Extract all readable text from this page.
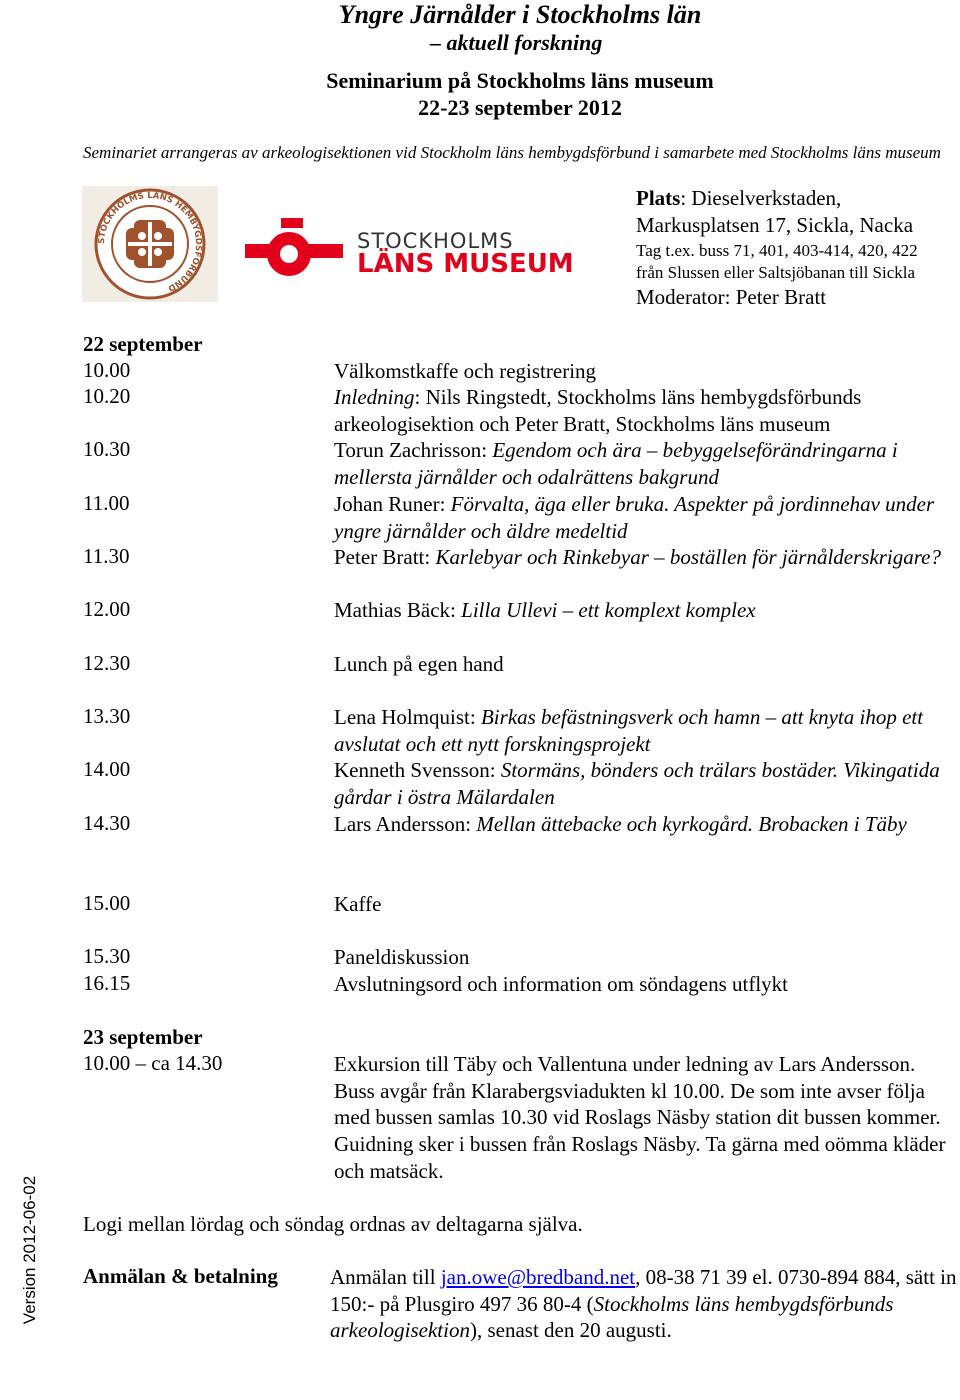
Yngre Järnålder i Stockholms län
– aktuell forskning
Seminarium på Stockholms läns museum
22-23 september 2012
Seminariet arrangeras av arkeologisektionen vid Stockholm läns hembygdsförbund i samarbete med Stockholms läns museum
STOCKHOLMS LÄNS HEMBYGDSFÖRBUND
STOCKHOLMS
LÄNS MUSEUM
Plats: Dieselverkstaden,
Markusplatsen 17, Sickla, Nacka
Tag t.ex. buss 71, 401, 403-414, 420, 422
från Slussen eller Saltsjöbanan till Sickla
Moderator: Peter Bratt
22 september
10.00	Välkomstkaffe och registrering
10.20	Inledning: Nils Ringstedt, Stockholms läns hembygdsförbunds arkeologisektion och Peter Bratt, Stockholms läns museum
10.30	Torun Zachrisson: Egendom och ära – bebyggelseförändringarna i mellersta järnålder och odalrättens bakgrund
11.00	Johan Runer: Förvalta, äga eller bruka. Aspekter på jordinnehav under yngre järnålder och äldre medeltid
11.30	Peter Bratt: Karlebyar och Rinkebyar – boställen för järnålderskrigare?
12.00	Mathias Bäck: Lilla Ullevi – ett komplext komplex
12.30	Lunch på egen hand
13.30	Lena Holmquist: Birkas befästningsverk och hamn – att knyta ihop ett avslutat och ett nytt forskningsprojekt
14.00	Kenneth Svensson: Stormäns, bönders och trälars bostäder. Vikingatida gårdar i östra Mälardalen
14.30	Lars Andersson: Mellan ättebacke och kyrkogård. Brobacken i Täby
15.00	Kaffe
15.30	Paneldiskussion
16.15	Avslutningsord och information om söndagens utflykt
23 september
10.00 – ca 14.30	Exkursion till Täby och Vallentuna under ledning av Lars Andersson. Buss avgår från Klarabergsviadukten kl 10.00. De som inte avser följa med bussen samlas 10.30 vid Roslags Näsby station dit bussen kommer. Guidning sker i bussen från Roslags Näsby. Ta gärna med oömma kläder och matsäck.
Logi mellan lördag och söndag ordnas av deltagarna själva.
Anmälan & betalning Anmälan till jan.owe@bredband.net, 08-38 71 39 el. 0730-894 884, sätt in 150:- på Plusgiro 497 36 80-4 (Stockholms läns hembygdsförbunds arkeologisektion), senast den 20 augusti.
Version 2012-06-02
